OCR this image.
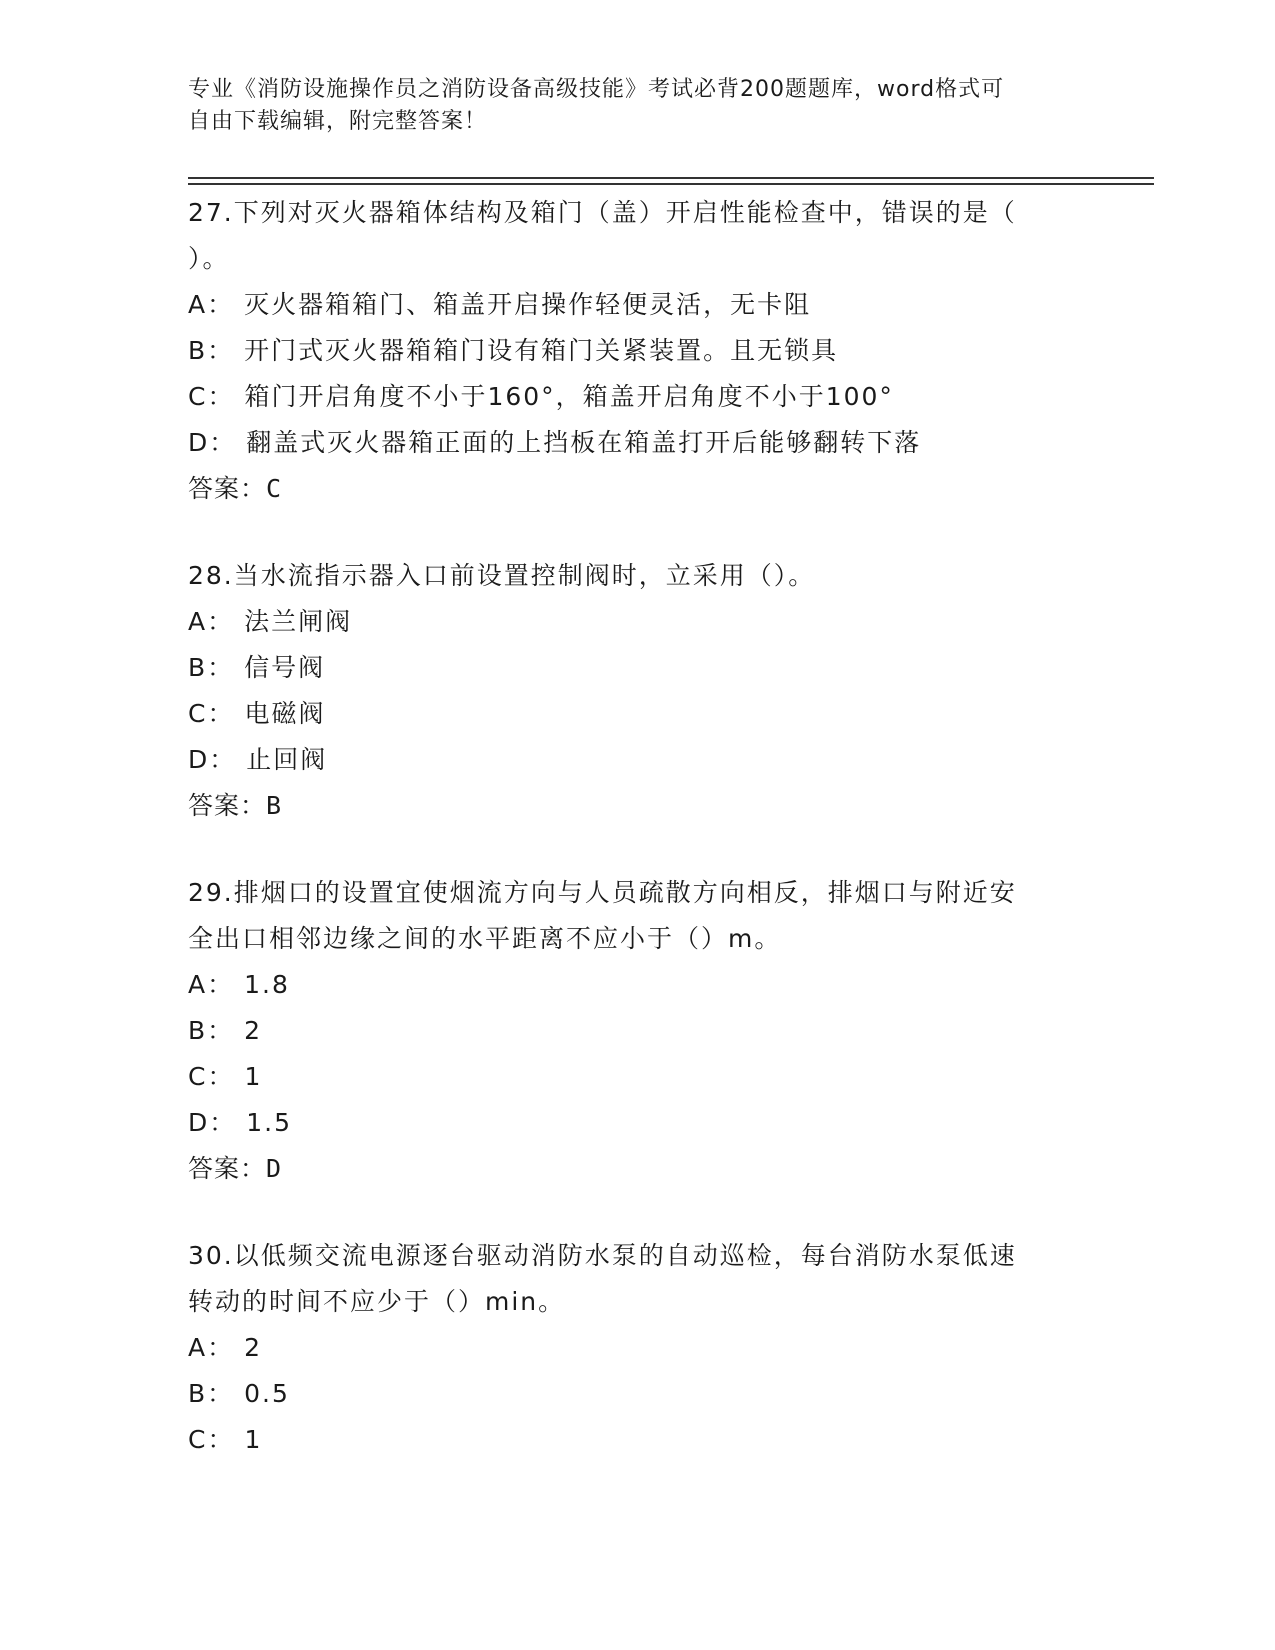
专业《消防设施操作员之消防设备高级技能》考试必背200题题库，word格式可
自由下载编辑，附完整答案！
27.下列对灭火器箱体结构及箱门（盖）开启性能检查中，错误的是（
）。
A： 灭火器箱箱门、箱盖开启操作轻便灵活，无卡阻
B： 开门式灭火器箱箱门设有箱门关紧装置。且无锁具
C： 箱门开启角度不小于160°，箱盖开启角度不小于100°
D： 翻盖式灭火器箱正面的上挡板在箱盖打开后能够翻转下落
答案：C
28.当水流指示器入口前设置控制阀时，立采用（）。
A： 法兰闸阀
B： 信号阀
C： 电磁阀
D： 止回阀
答案：B
29.排烟口的设置宜使烟流方向与人员疏散方向相反，排烟口与附近安
全出口相邻边缘之间的水平距离不应小于（）m。
A： 1.8
B： 2
C： 1
D： 1.5
答案：D
30.以低频交流电源逐台驱动消防水泵的自动巡检，每台消防水泵低速
转动的时间不应少于（）min。
A： 2
B： 0.5
C： 1
